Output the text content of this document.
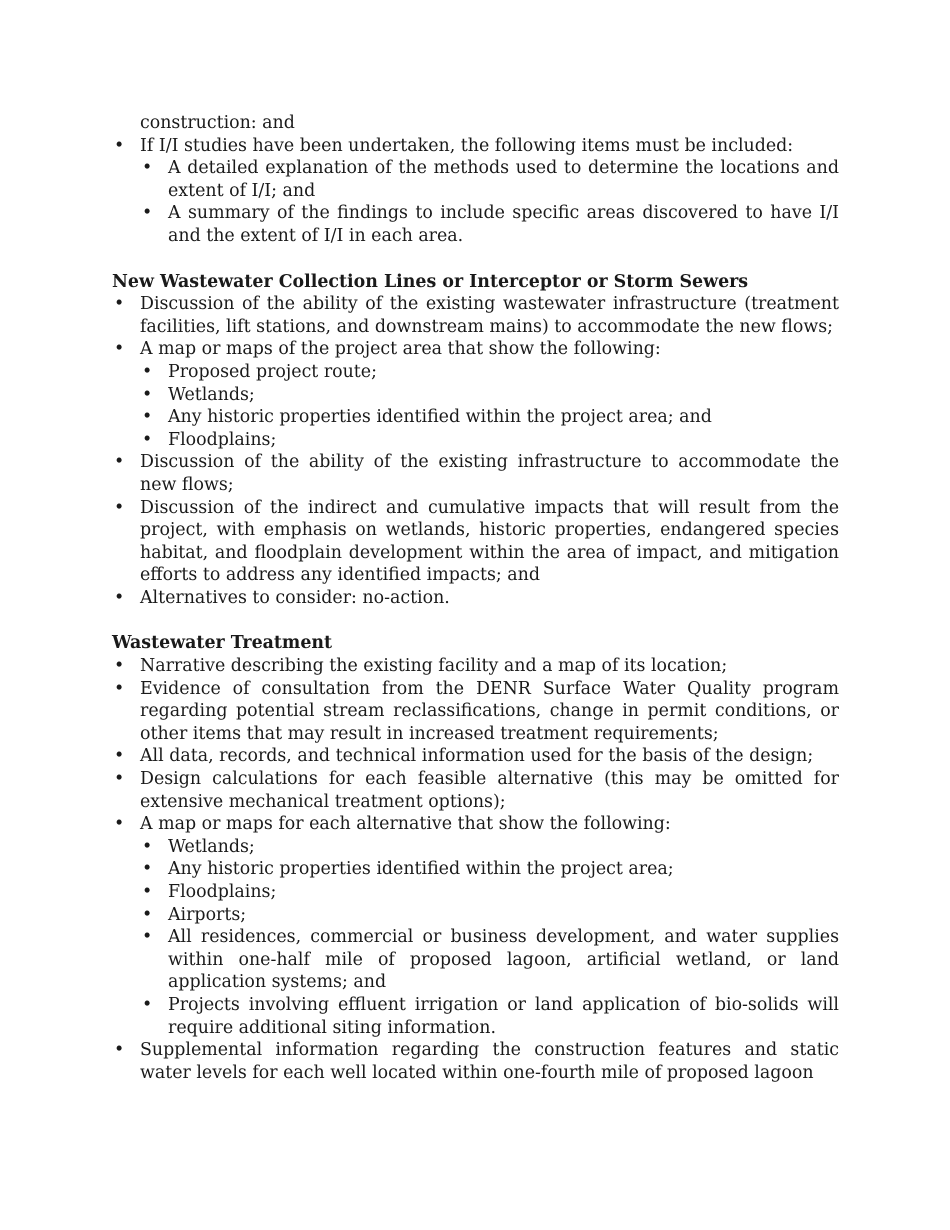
construction: and
• If I/I studies have been undertaken, the following items must be included:
• A detailed explanation of the methods used to determine the locations and extent of I/I; and
• A summary of the findings to include specific areas discovered to have I/I and the extent of I/I in each area.
New Wastewater Collection Lines or Interceptor or Storm Sewers
• Discussion of the ability of the existing wastewater infrastructure (treatment facilities, lift stations, and downstream mains) to accommodate the new flows;
• A map or maps of the project area that show the following:
• Proposed project route;
• Wetlands;
• Any historic properties identified within the project area; and
• Floodplains;
• Discussion of the ability of the existing infrastructure to accommodate the new flows;
• Discussion of the indirect and cumulative impacts that will result from the project, with emphasis on wetlands, historic properties, endangered species habitat, and floodplain development within the area of impact, and mitigation efforts to address any identified impacts; and
• Alternatives to consider: no-action.
Wastewater Treatment
• Narrative describing the existing facility and a map of its location;
• Evidence of consultation from the DENR Surface Water Quality program regarding potential stream reclassifications, change in permit conditions, or other items that may result in increased treatment requirements;
• All data, records, and technical information used for the basis of the design;
• Design calculations for each feasible alternative (this may be omitted for extensive mechanical treatment options);
• A map or maps for each alternative that show the following:
• Wetlands;
• Any historic properties identified within the project area;
• Floodplains;
• Airports;
• All residences, commercial or business development, and water supplies within one-half mile of proposed lagoon, artificial wetland, or land application systems; and
• Projects involving effluent irrigation or land application of bio-solids will require additional siting information.
• Supplemental information regarding the construction features and static water levels for each well located within one-fourth mile of proposed lagoon
